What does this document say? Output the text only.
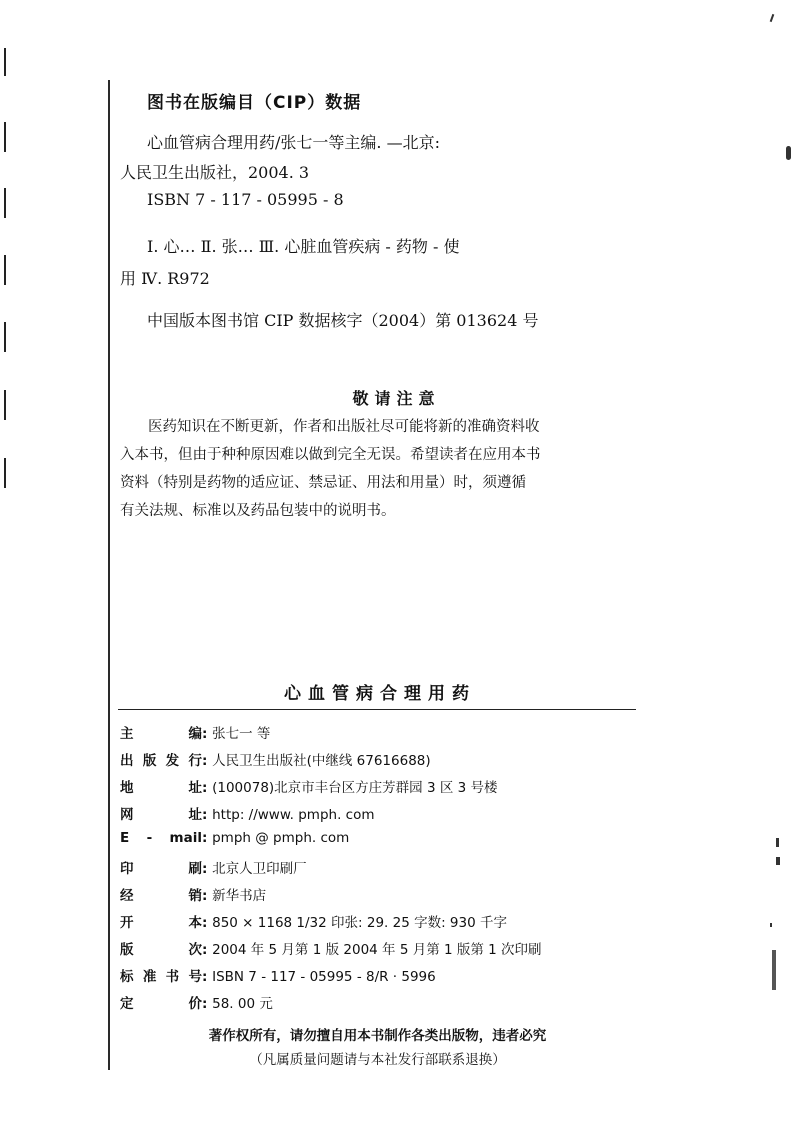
图书在版编目（CIP）数据
心血管病合理用药/张七一等主编. —北京:
人民卫生出版社，2004. 3
ISBN 7 - 117 - 05995 - 8
Ⅰ. 心… Ⅱ. 张… Ⅲ. 心脏血管疾病 - 药物 - 使
用 Ⅳ. R972
中国版本图书馆 CIP 数据核字（2004）第 013624 号
敬请注意
医药知识在不断更新，作者和出版社尽可能将新的准确资料收
入本书，但由于种种原因难以做到完全无误。希望读者在应用本书
资料（特别是药物的适应证、禁忌证、用法和用量）时，须遵循
有关法规、标准以及药品包装中的说明书。
心血管病合理用药
主编: 张七一 等
出版发行: 人民卫生出版社(中继线 67616688)
地址: (100078)北京市丰台区方庄芳群园 3 区 3 号楼
网址: http: //www. pmph. com
E - mail: pmph @ pmph. com
印刷: 北京人卫印刷厂
经销: 新华书店
开本: 850 × 1168 1/32 印张: 29. 25 字数: 930 千字
版次: 2004 年 5 月第 1 版 2004 年 5 月第 1 版第 1 次印刷
标准书号: ISBN 7 - 117 - 05995 - 8/R · 5996
定价: 58. 00 元
著作权所有，请勿擅自用本书制作各类出版物，违者必究
（凡属质量问题请与本社发行部联系退换）
